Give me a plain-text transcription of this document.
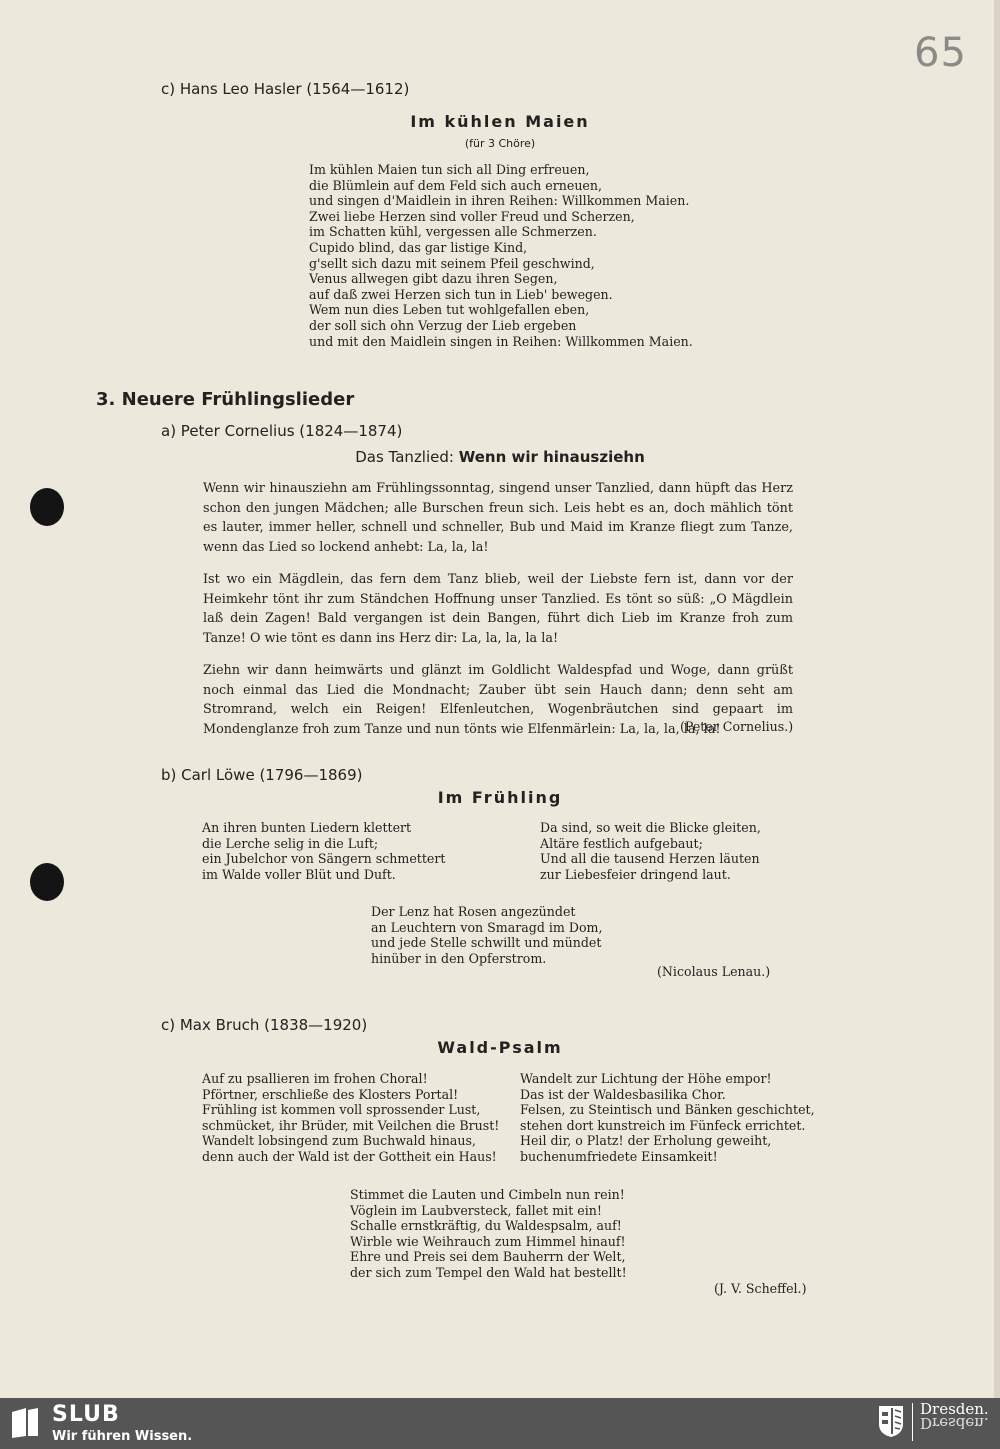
65
c) Hans Leo Hasler (1564—1612)
Im kühlen Maien
(für 3 Chöre)
Im kühlen Maien tun sich all Ding erfreuen,
die Blümlein auf dem Feld sich auch erneuen,
und singen d'Maidlein in ihren Reihen: Willkommen Maien.
Zwei liebe Herzen sind voller Freud und Scherzen,
im Schatten kühl, vergessen alle Schmerzen.
Cupido blind, das gar listige Kind,
g'sellt sich dazu mit seinem Pfeil geschwind,
Venus allwegen gibt dazu ihren Segen,
auf daß zwei Herzen sich tun in Lieb' bewegen.
Wem nun dies Leben tut wohlgefallen eben,
der soll sich ohn Verzug der Lieb ergeben
und mit den Maidlein singen in Reihen: Willkommen Maien.
3. Neuere Frühlingslieder
a) Peter Cornelius (1824—1874)
Das Tanzlied: Wenn wir hinausziehn

Wenn wir hinausziehn am Frühlingssonntag, singend unser Tanzlied, dann hüpft das Herz schon den jungen Mädchen; alle Burschen freun sich. Leis hebt es an, doch mählich tönt es lauter, immer heller, schnell und schneller, Bub und Maid im Kranze fliegt zum Tanze, wenn das Lied so lockend anhebt: La, la, la!

Ist wo ein Mägdlein, das fern dem Tanz blieb, weil der Liebste fern ist, dann vor der Heimkehr tönt ihr zum Ständchen Hoffnung unser Tanzlied. Es tönt so süß: „O Mägdlein laß dein Zagen! Bald vergangen ist dein Bangen, führt dich Lieb im Kranze froh zum Tanze! O wie tönt es dann ins Herz dir: La, la, la, la la!

Ziehn wir dann heimwärts und glänzt im Goldlicht Waldespfad und Woge, dann grüßt noch einmal das Lied die Mondnacht; Zauber übt sein Hauch dann; denn seht am Stromrand, welch ein Reigen! Elfenleutchen, Wogenbräutchen sind gepaart im Mondenglanze froh zum Tanze und nun tönts wie Elfenmärlein: La, la, la, la, la!

(Peter Cornelius.)
b) Carl Löwe (1796—1869)
Im Frühling
An ihren bunten Liedern klettert
die Lerche selig in die Luft;
ein Jubelchor von Sängern schmettert
im Walde voller Blüt und Duft.
Da sind, so weit die Blicke gleiten,
Altäre festlich aufgebaut;
Und all die tausend Herzen läuten
zur Liebesfeier dringend laut.
Der Lenz hat Rosen angezündet
an Leuchtern von Smaragd im Dom,
und jede Stelle schwillt und mündet
hinüber in den Opferstrom.
(Nicolaus Lenau.)
c) Max Bruch (1838—1920)
Wald-Psalm
Auf zu psallieren im frohen Choral!
Pförtner, erschließe des Klosters Portal!
Frühling ist kommen voll sprossender Lust,
schmücket, ihr Brüder, mit Veilchen die Brust!
Wandelt lobsingend zum Buchwald hinaus,
denn auch der Wald ist der Gottheit ein Haus!
Wandelt zur Lichtung der Höhe empor!
Das ist der Waldesbasilika Chor.
Felsen, zu Steintisch und Bänken geschichtet,
stehen dort kunstreich im Fünfeck errichtet.
Heil dir, o Platz! der Erholung geweiht,
buchenumfriedete Einsamkeit!
Stimmet die Lauten und Cimbeln nun rein!
Vöglein im Laubversteck, fallet mit ein!
Schalle ernstkräftig, du Waldespsalm, auf!
Wirble wie Weihrauch zum Himmel hinauf!
Ehre und Preis sei dem Bauherrn der Welt,
der sich zum Tempel den Wald hat bestellt!
(J. V. Scheffel.)
SLUB
Wir führen Wissen.
Dresden.
Dresden.
